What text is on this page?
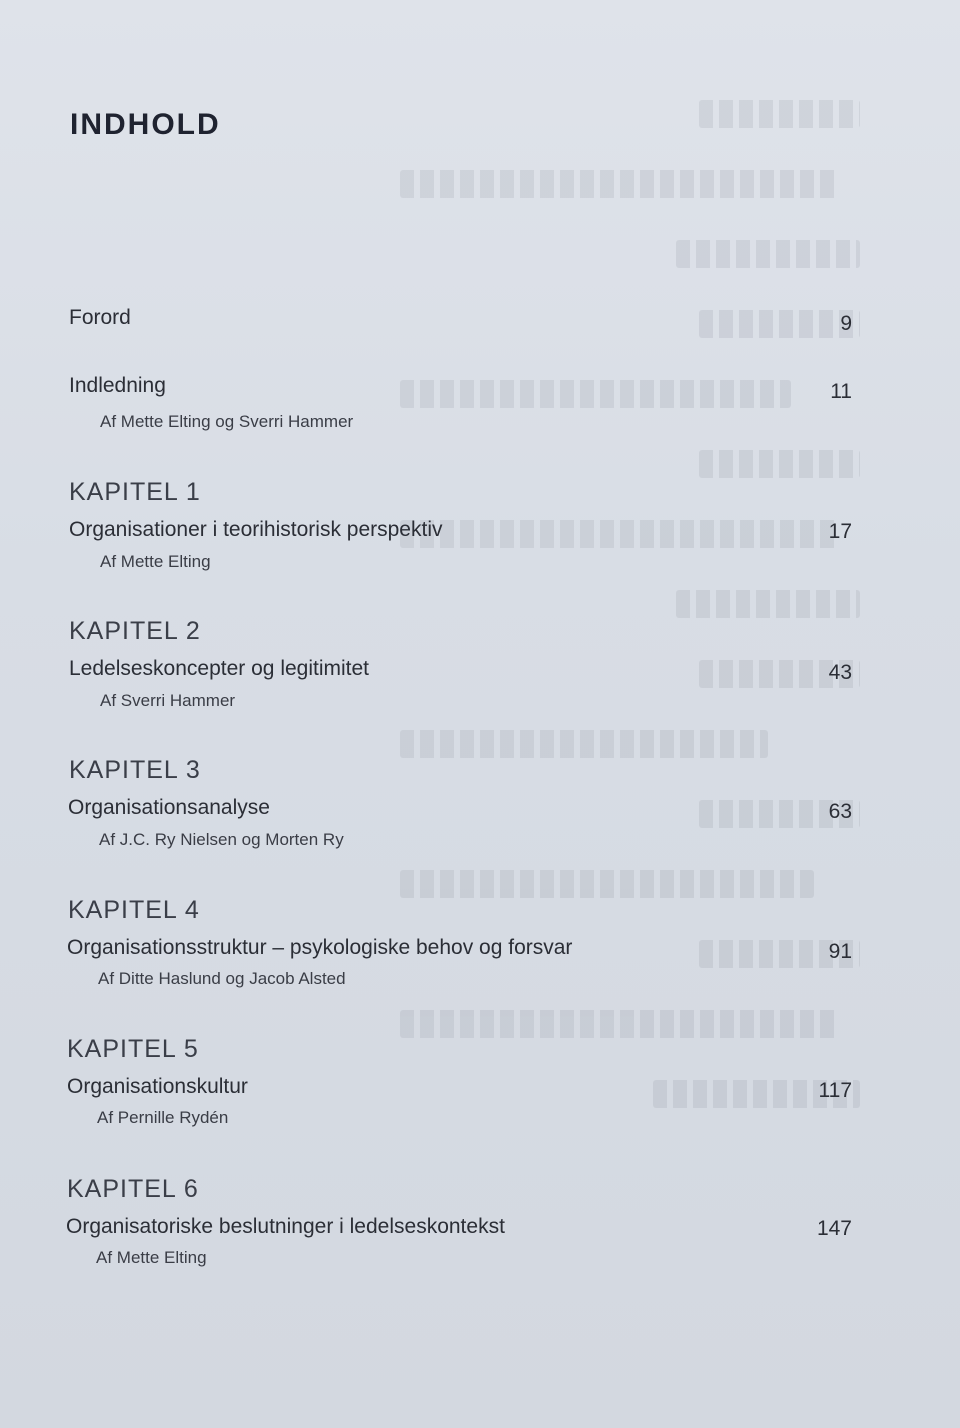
INDHOLD
Forord	9
Indledning	11
Af Mette Elting og Sverri Hammer
KAPITEL 1
Organisationer i teorihistorisk perspektiv	17
Af Mette Elting
KAPITEL 2
Ledelseskoncepter og legitimitet	43
Af Sverri Hammer
KAPITEL 3
Organisationsanalyse	63
Af J.C. Ry Nielsen og Morten Ry
KAPITEL 4
Organisationsstruktur – psykologiske behov og forsvar	91
Af Ditte Haslund og Jacob Alsted
KAPITEL 5
Organisationskultur	117
Af Pernille Rydén
KAPITEL 6
Organisatoriske beslutninger i ledelseskontekst	147
Af Mette Elting
